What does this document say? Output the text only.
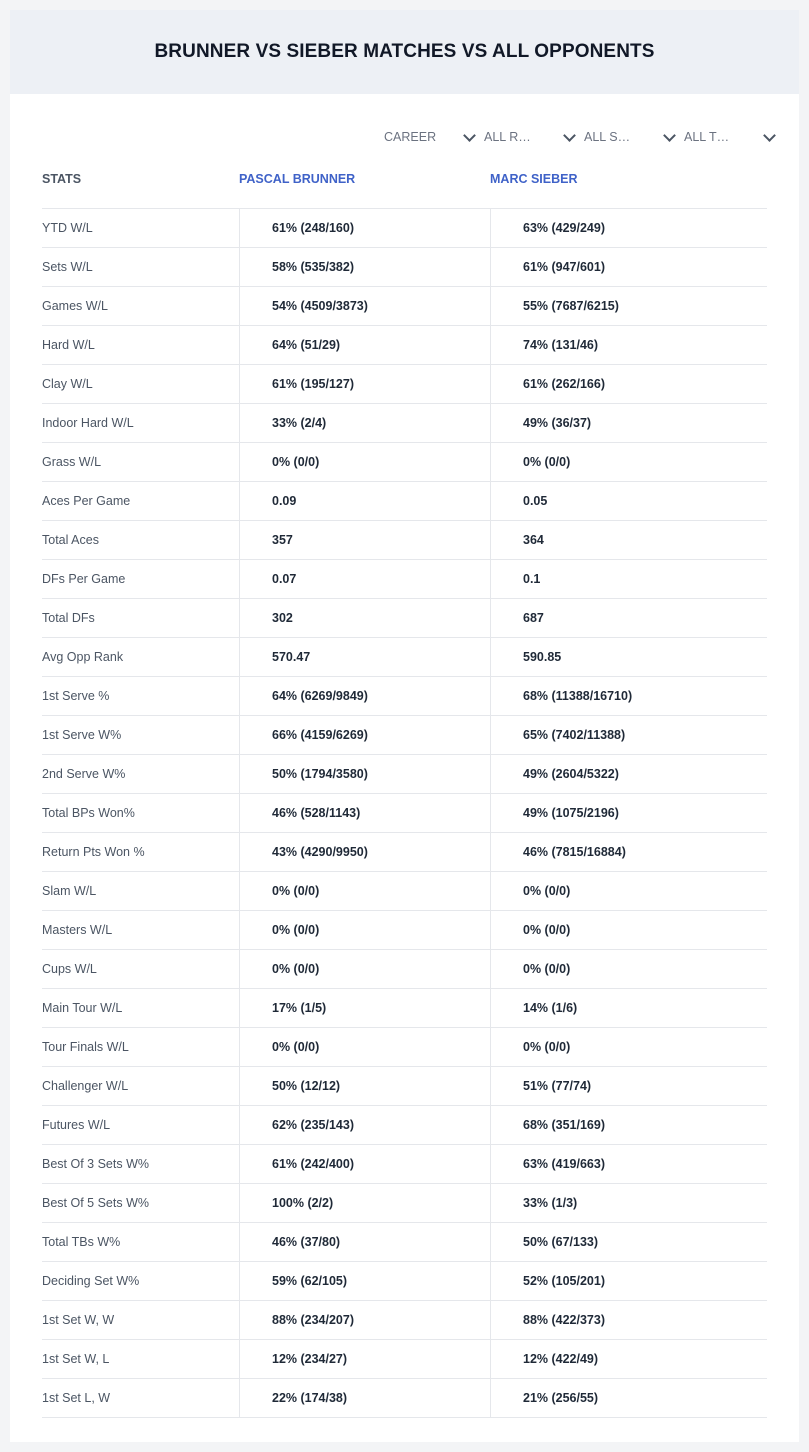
BRUNNER VS SIEBER MATCHES VS ALL OPPONENTS
CAREER	ALL R…	ALL S…	ALL T…
STATS	PASCAL BRUNNER	MARC SIEBER
YTD W/L	61% (248/160)	63% (429/249)
Sets W/L	58% (535/382)	61% (947/601)
Games W/L	54% (4509/3873)	55% (7687/6215)
Hard W/L	64% (51/29)	74% (131/46)
Clay W/L	61% (195/127)	61% (262/166)
Indoor Hard W/L	33% (2/4)	49% (36/37)
Grass W/L	0% (0/0)	0% (0/0)
Aces Per Game	0.09	0.05
Total Aces	357	364
DFs Per Game	0.07	0.1
Total DFs	302	687
Avg Opp Rank	570.47	590.85
1st Serve %	64% (6269/9849)	68% (11388/16710)
1st Serve W%	66% (4159/6269)	65% (7402/11388)
2nd Serve W%	50% (1794/3580)	49% (2604/5322)
Total BPs Won%	46% (528/1143)	49% (1075/2196)
Return Pts Won %	43% (4290/9950)	46% (7815/16884)
Slam W/L	0% (0/0)	0% (0/0)
Masters W/L	0% (0/0)	0% (0/0)
Cups W/L	0% (0/0)	0% (0/0)
Main Tour W/L	17% (1/5)	14% (1/6)
Tour Finals W/L	0% (0/0)	0% (0/0)
Challenger W/L	50% (12/12)	51% (77/74)
Futures W/L	62% (235/143)	68% (351/169)
Best Of 3 Sets W%	61% (242/400)	63% (419/663)
Best Of 5 Sets W%	100% (2/2)	33% (1/3)
Total TBs W%	46% (37/80)	50% (67/133)
Deciding Set W%	59% (62/105)	52% (105/201)
1st Set W, W	88% (234/207)	88% (422/373)
1st Set W, L	12% (234/27)	12% (422/49)
1st Set L, W	22% (174/38)	21% (256/55)
